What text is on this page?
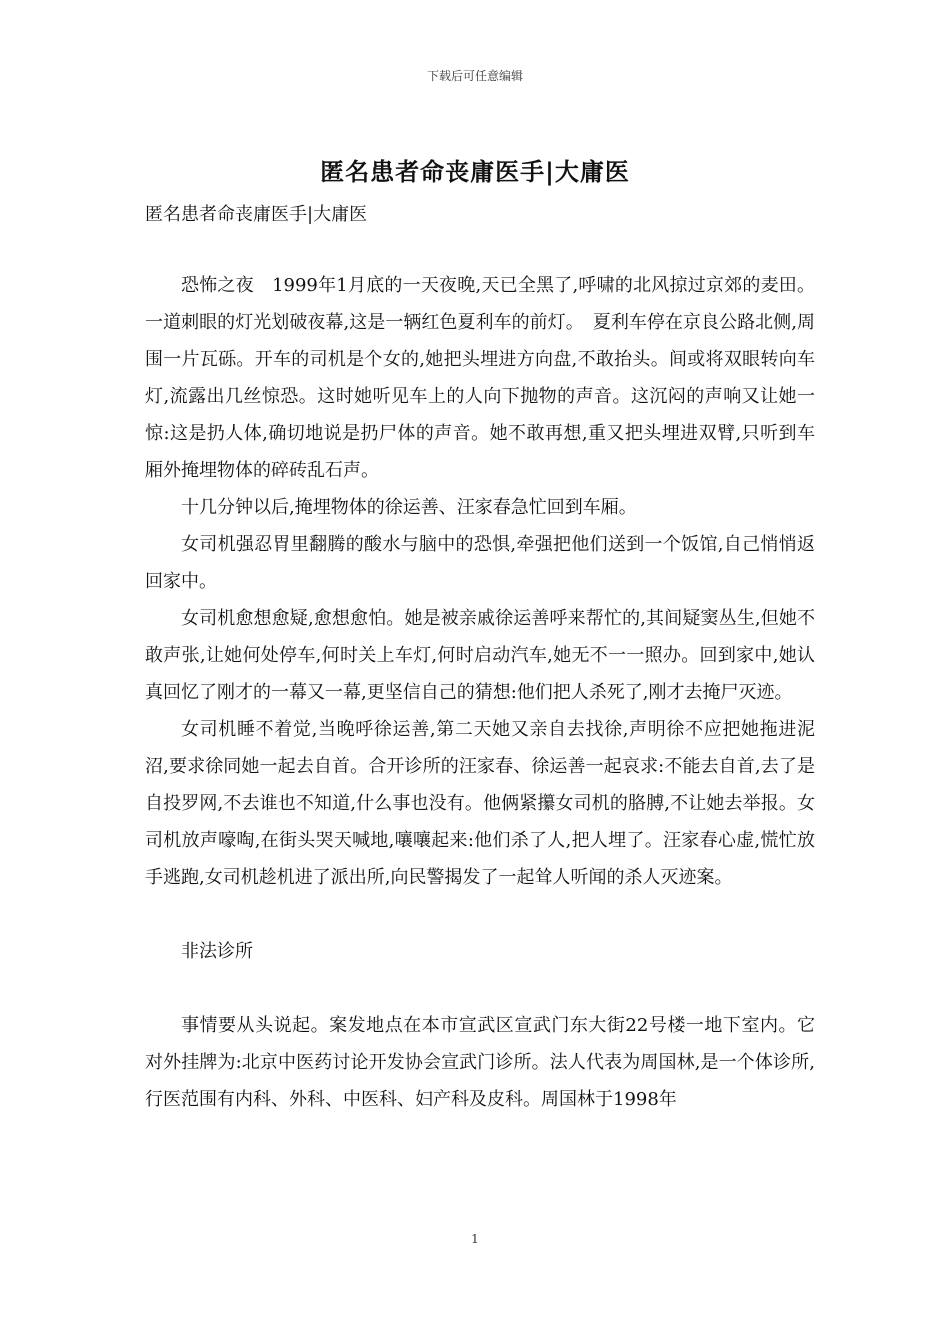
下载后可任意编辑
匿名患者命丧庸医手|大庸医
匿名患者命丧庸医手|大庸医

恐怖之夜　1999年1月底的一天夜晚,天已全黑了,呼啸的北风掠过京郊的麦田。一道刺眼的灯光划破夜幕,这是一辆红色夏利车的前灯。　夏利车停在京良公路北侧,周围一片瓦砾。开车的司机是个女的,她把头埋进方向盘,不敢抬头。间或将双眼转向车灯,流露出几丝惊恐。这时她听见车上的人向下抛物的声音。这沉闷的声响又让她一惊:这是扔人体,确切地说是扔尸体的声音。她不敢再想,重又把头埋进双臂,只听到车厢外掩埋物体的碎砖乱石声。

十几分钟以后,掩埋物体的徐运善、汪家春急忙回到车厢。

女司机强忍胃里翻腾的酸水与脑中的恐惧,牵强把他们送到一个饭馆,自己悄悄返回家中。

女司机愈想愈疑,愈想愈怕。她是被亲戚徐运善呼来帮忙的,其间疑窦丛生,但她不敢声张,让她何处停车,何时关上车灯,何时启动汽车,她无不一一照办。回到家中,她认真回忆了刚才的一幕又一幕,更坚信自己的猜想:他们把人杀死了,刚才去掩尸灭迹。

女司机睡不着觉,当晚呼徐运善,第二天她又亲自去找徐,声明徐不应把她拖进泥沼,要求徐同她一起去自首。合开诊所的汪家春、徐运善一起哀求:不能去自首,去了是自投罗网,不去谁也不知道,什么事也没有。他俩紧攥女司机的胳膊,不让她去举报。女司机放声嚎啕,在街头哭天喊地,嚷嚷起来:他们杀了人,把人埋了。汪家春心虚,慌忙放手逃跑,女司机趁机进了派出所,向民警揭发了一起耸人听闻的杀人灭迹案。

非法诊所

事情要从头说起。案发地点在本市宣武区宣武门东大街22号楼一地下室内。它对外挂牌为:北京中医药讨论开发协会宣武门诊所。法人代表为周国林,是一个体诊所,行医范围有内科、外科、中医科、妇产科及皮科。周国林于1998年

1
